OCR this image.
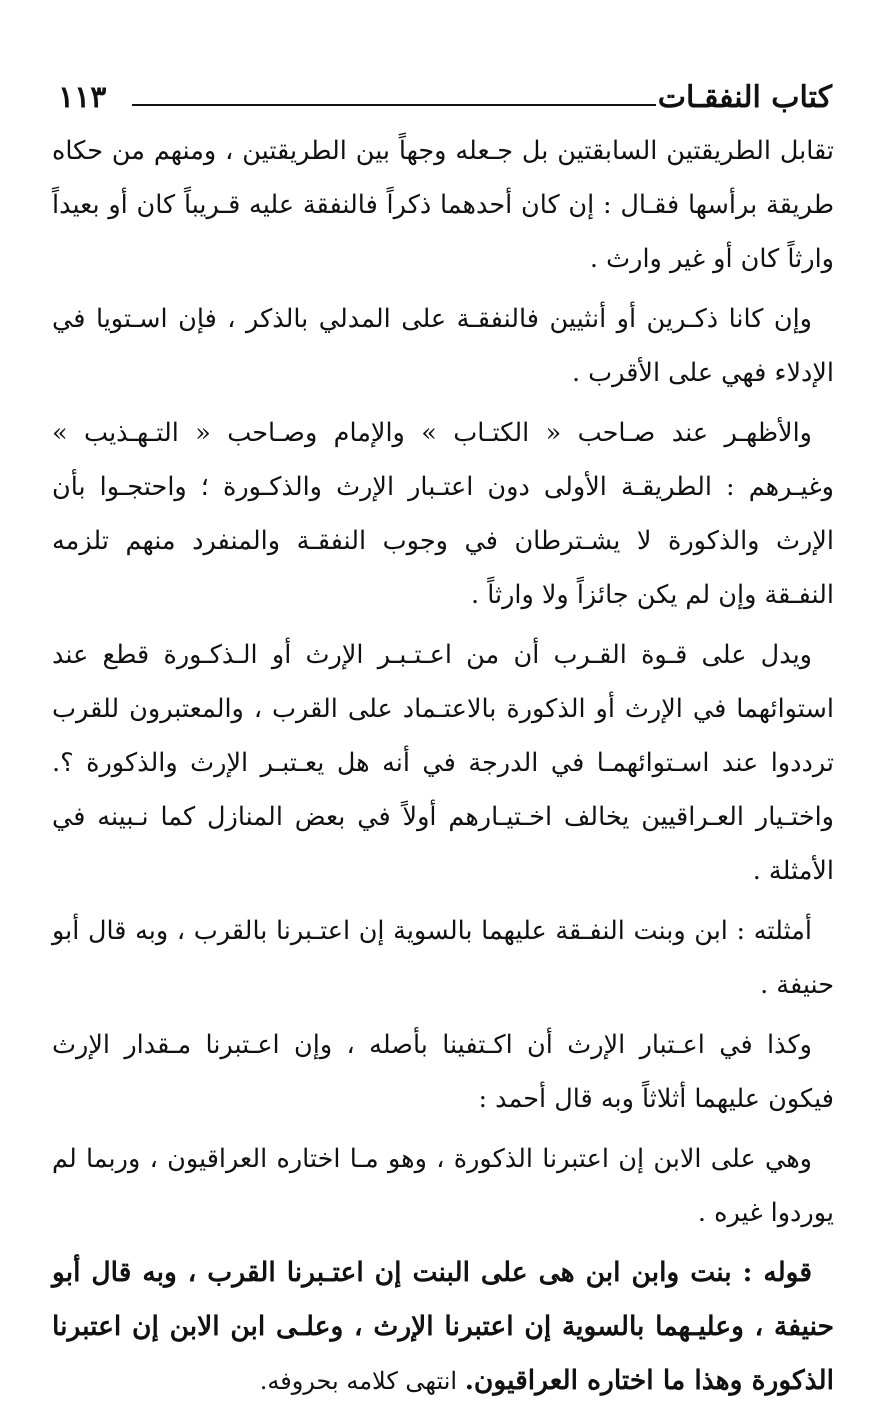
كتاب النفقـات
١١٣

تقابل الطريقتين السابقتين بل جـعله وجهاً بين الطريقتين ، ومنهم من حكاه طريقة برأسها فقـال : إن كان أحدهما ذكراً فالنفقة عليه قـريباً كان أو بعيداً وارثاً كان أو غير وارث .

وإن كانا ذكـرين أو أنثيين فالنفقـة على المدلي بالذكر ، فإن اسـتويا في الإدلاء فهي على الأقرب .

والأظهـر عند صـاحب « الكتـاب » والإمام وصـاحب « التـهـذيب » وغيـرهم : الطريقـة الأولى دون اعتـبار الإرث والذكـورة ؛ واحتجـوا بأن الإرث والذكورة لا يشـترطان في وجوب النفقـة والمنفرد منهم تلزمه النفـقة وإن لم يكن جائزاً ولا وارثاً .

ويدل على قـوة القـرب أن من اعـتـبـر الإرث أو الـذكـورة قطع عند استوائهما في الإرث أو الذكورة بالاعتـماد على القرب ، والمعتبرون للقرب ترددوا عند اسـتوائهمـا في الدرجة في أنه هل يعـتبـر الإرث والذكورة ؟. واختـيار العـراقيين يخالف اخـتيـارهم أولاً في بعض المنازل كما نـبينه في الأمثلة .

أمثلته : ابن وبنت النفـقة عليهما بالسوية إن اعتـبرنا بالقرب ، وبه قال أبو حنيفة .

وكذا في اعـتبار الإرث أن اكـتفينا بأصله ، وإن اعـتبرنا مـقدار الإرث فيكون عليهما أثلاثاً وبه قال أحمد :

وهي على الابن إن اعتبرنا الذكورة ، وهو مـا اختاره العراقيون ، وربما لم يوردوا غيره .

قوله : بنت وابن ابن هى على البنت إن اعتـبرنا القرب ، وبه قال أبو حنيفة ، وعليـهما بالسوية إن اعتبرنا الإرث ، وعلـى ابن الابن إن اعتبرنا الذكورة وهذا ما اختاره العراقيون. انتهى كلامه بحروفه.
